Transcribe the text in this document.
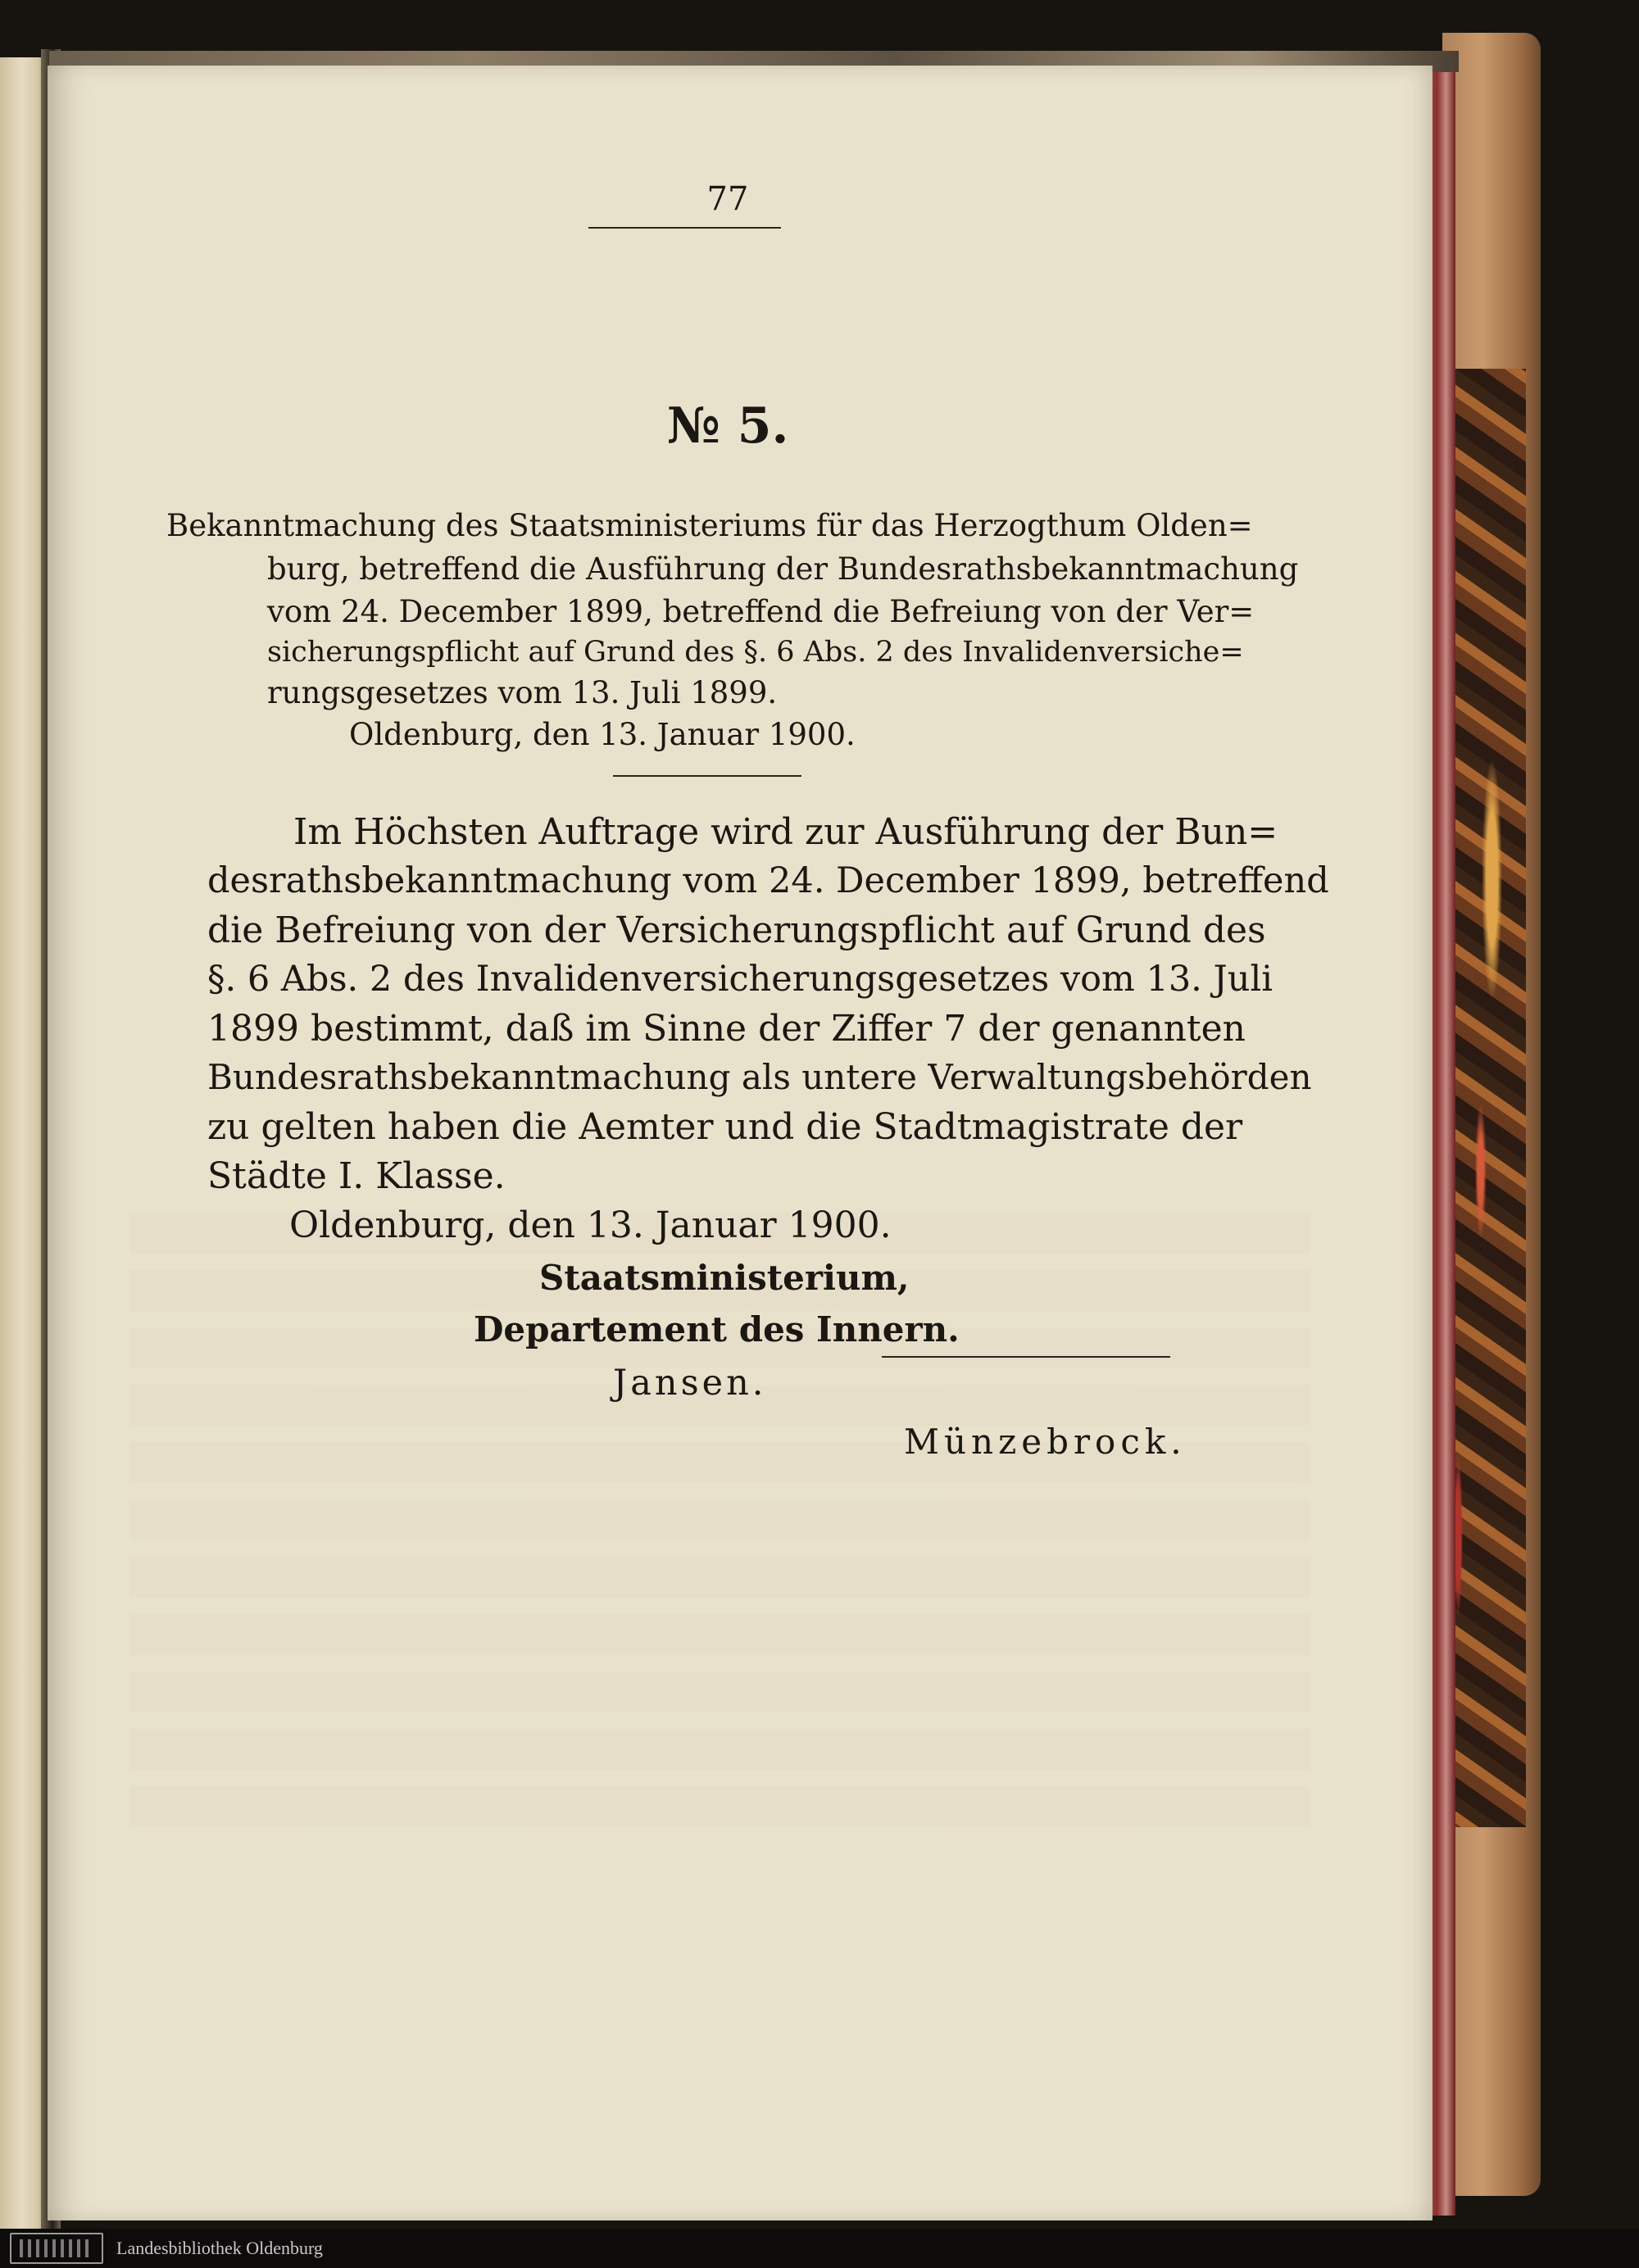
77
№ 5.
Bekanntmachung des Staatsministeriums für das Herzogthum Olden=
burg, betreffend die Ausführung der Bundesrathsbekanntmachung
vom 24. December 1899, betreffend die Befreiung von der Ver=
sicherungspflicht auf Grund des §. 6 Abs. 2 des Invalidenversiche=
rungsgesetzes vom 13. Juli 1899.
Oldenburg, den 13. Januar 1900.
Im Höchsten Auftrage wird zur Ausführung der Bun=
desrathsbekanntmachung vom 24. December 1899, betreffend
die Befreiung von der Versicherungspflicht auf Grund des
§. 6 Abs. 2 des Invalidenversicherungsgesetzes vom 13. Juli
1899 bestimmt, daß im Sinne der Ziffer 7 der genannten
Bundesrathsbekanntmachung als untere Verwaltungsbehörden
zu gelten haben die Aemter und die Stadtmagistrate der
Städte I. Klasse.
Oldenburg, den 13. Januar 1900.
Staatsministerium,
Departement des Innern.
Jansen.
Münzebrock.
Landesbibliothek Oldenburg
